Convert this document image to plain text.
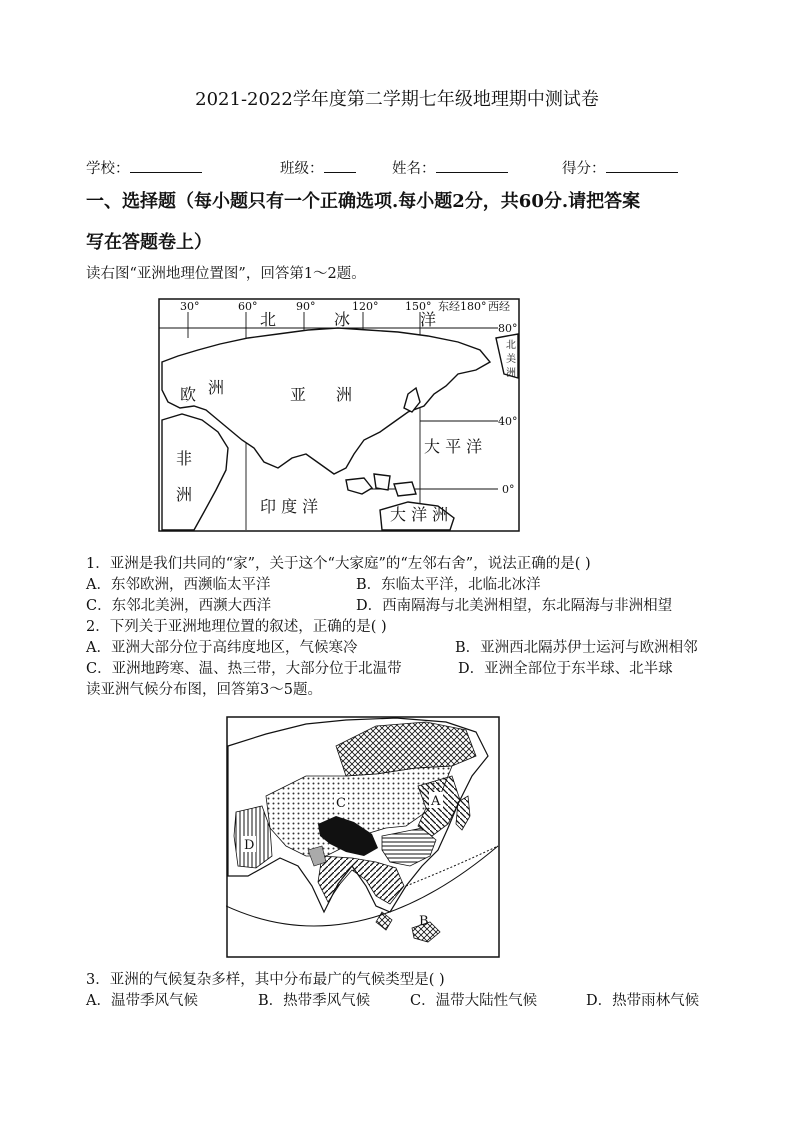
2021-2022学年度第二学期七年级地理期中测试卷
学校：	班级：	姓名：	得分：
一、选择题（每小题只有一个正确选项.每小题2分，共60分.请把答案
写在答题卷上）
读右图“亚洲地理位置图”，回答第1～2题。
30°	60°	90°	120° 150° 东经 180° 西经
80°
40°
0°
北	冰	洋
欧 洲	亚 洲
非
洲
大 平 洋
印 度 洋	大 洋 洲
北
美
洲
1．亚洲是我们共同的“家”，关于这个“大家庭”的“左邻右舍”，说法正确的是( )
A．东邻欧洲，西濒临太平洋	B．东临太平洋，北临北冰洋
C．东邻北美洲，西濒大西洋	D．西南隔海与北美洲相望，东北隔海与非洲相望
2．下列关于亚洲地理位置的叙述，正确的是( )
A．亚洲大部分位于高纬度地区，气候寒冷	B．亚洲西北隔苏伊士运河与欧洲相邻
C．亚洲地跨寒、温、热三带，大部分位于北温带	D．亚洲全部位于东半球、北半球
读亚洲气候分布图，回答第3～5题。
A
B
C
D
3．亚洲的气候复杂多样，其中分布最广的气候类型是( )
A．温带季风气候	B．热带季风气候	C．温带大陆性气候	D．热带雨林气候
